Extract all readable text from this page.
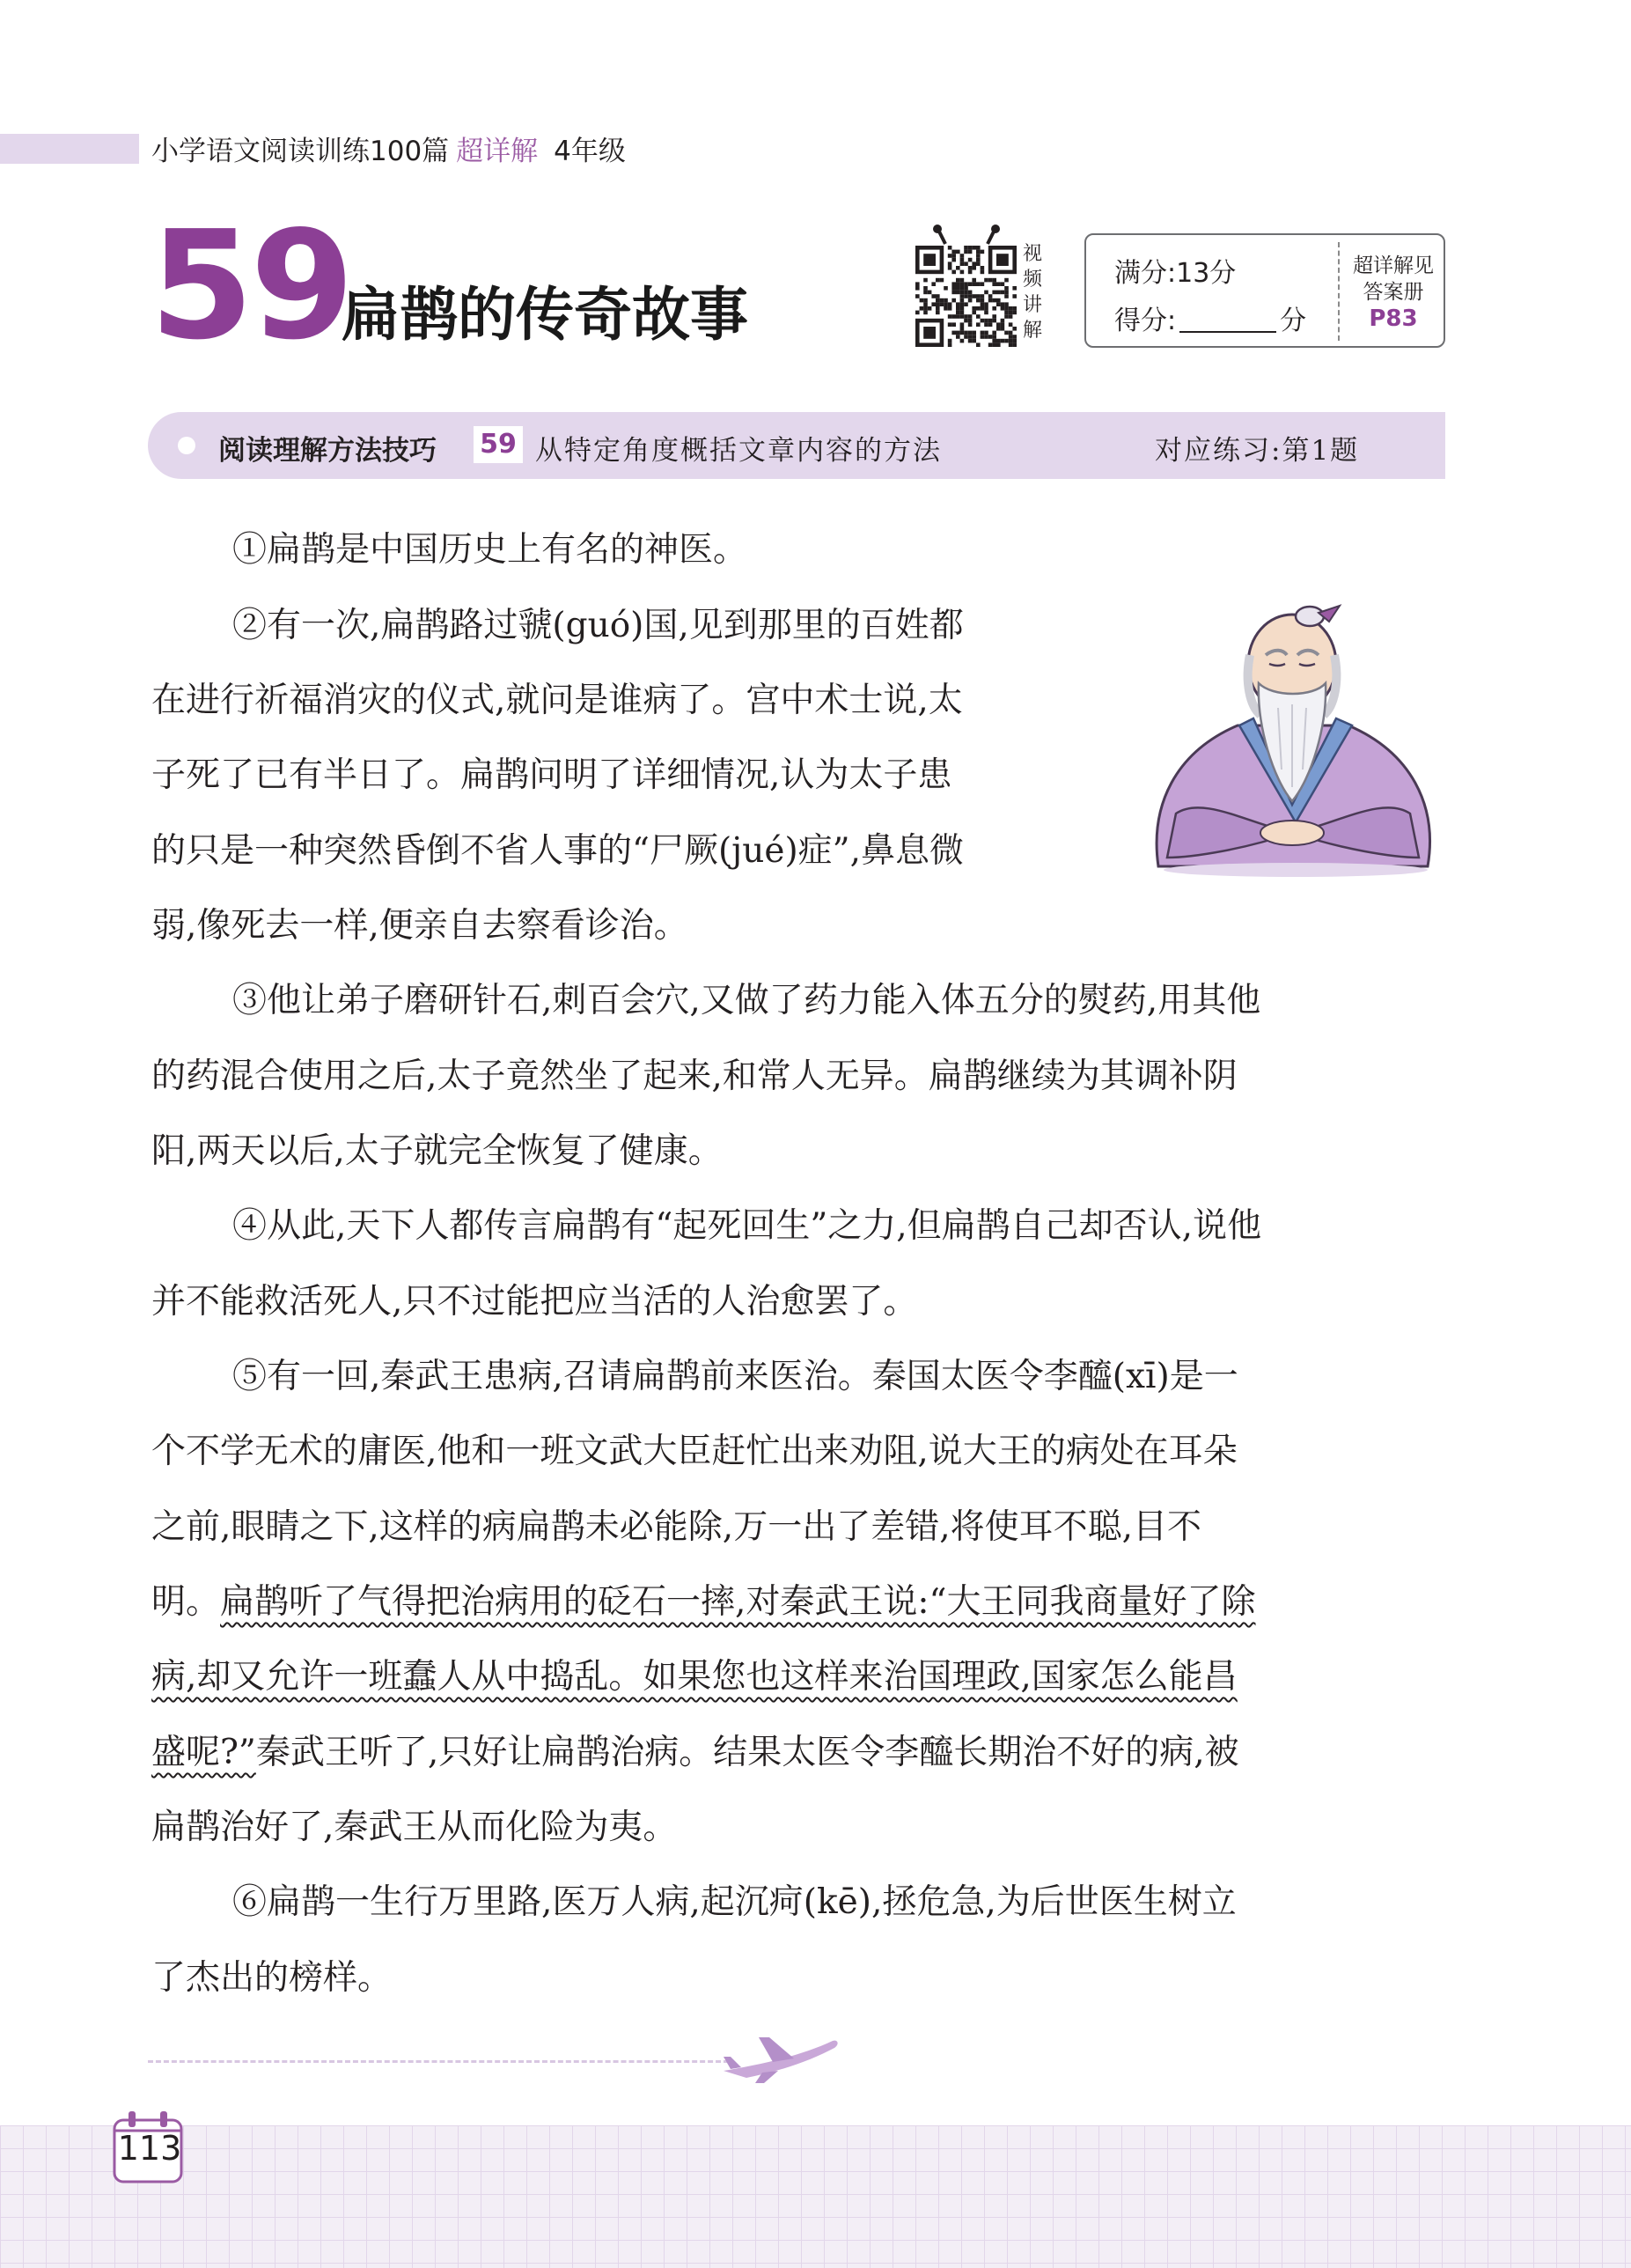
小学语文阅读训练100篇 超详解 4年级
59
扁鹊的传奇故事
视
频
讲
解
满分:13分
得分:	分
超详解见
答案册
P83
阅读理解方法技巧 59 从特定角度概括文章内容的方法	对应练习:第1题
①扁鹊是中国历史上有名的神医。
②有一次,扁鹊路过虢(guó)国,见到那里的百姓都
在进行祈福消灾的仪式,就问是谁病了。宫中术士说,太
子死了已有半日了。扁鹊问明了详细情况,认为太子患
的只是一种突然昏倒不省人事的“尸厥(jué)症”,鼻息微
弱,像死去一样,便亲自去察看诊治。
③他让弟子磨研针石,刺百会穴,又做了药力能入体五分的熨药,用其他
的药混合使用之后,太子竟然坐了起来,和常人无异。扁鹊继续为其调补阴
阳,两天以后,太子就完全恢复了健康。
④从此,天下人都传言扁鹊有“起死回生”之力,但扁鹊自己却否认,说他
并不能救活死人,只不过能把应当活的人治愈罢了。
⑤有一回,秦武王患病,召请扁鹊前来医治。秦国太医令李醯(xī)是一
个不学无术的庸医,他和一班文武大臣赶忙出来劝阻,说大王的病处在耳朵
之前,眼睛之下,这样的病扁鹊未必能除,万一出了差错,将使耳不聪,目不
明。扁鹊听了气得把治病用的砭石一摔,对秦武王说:“大王同我商量好了除
病,却又允许一班蠢人从中捣乱。如果您也这样来治国理政,国家怎么能昌
盛呢?”秦武王听了,只好让扁鹊治病。结果太医令李醯长期治不好的病,被
扁鹊治好了,秦武王从而化险为夷。
⑥扁鹊一生行万里路,医万人病,起沉疴(kē),拯危急,为后世医生树立
了杰出的榜样。
113
